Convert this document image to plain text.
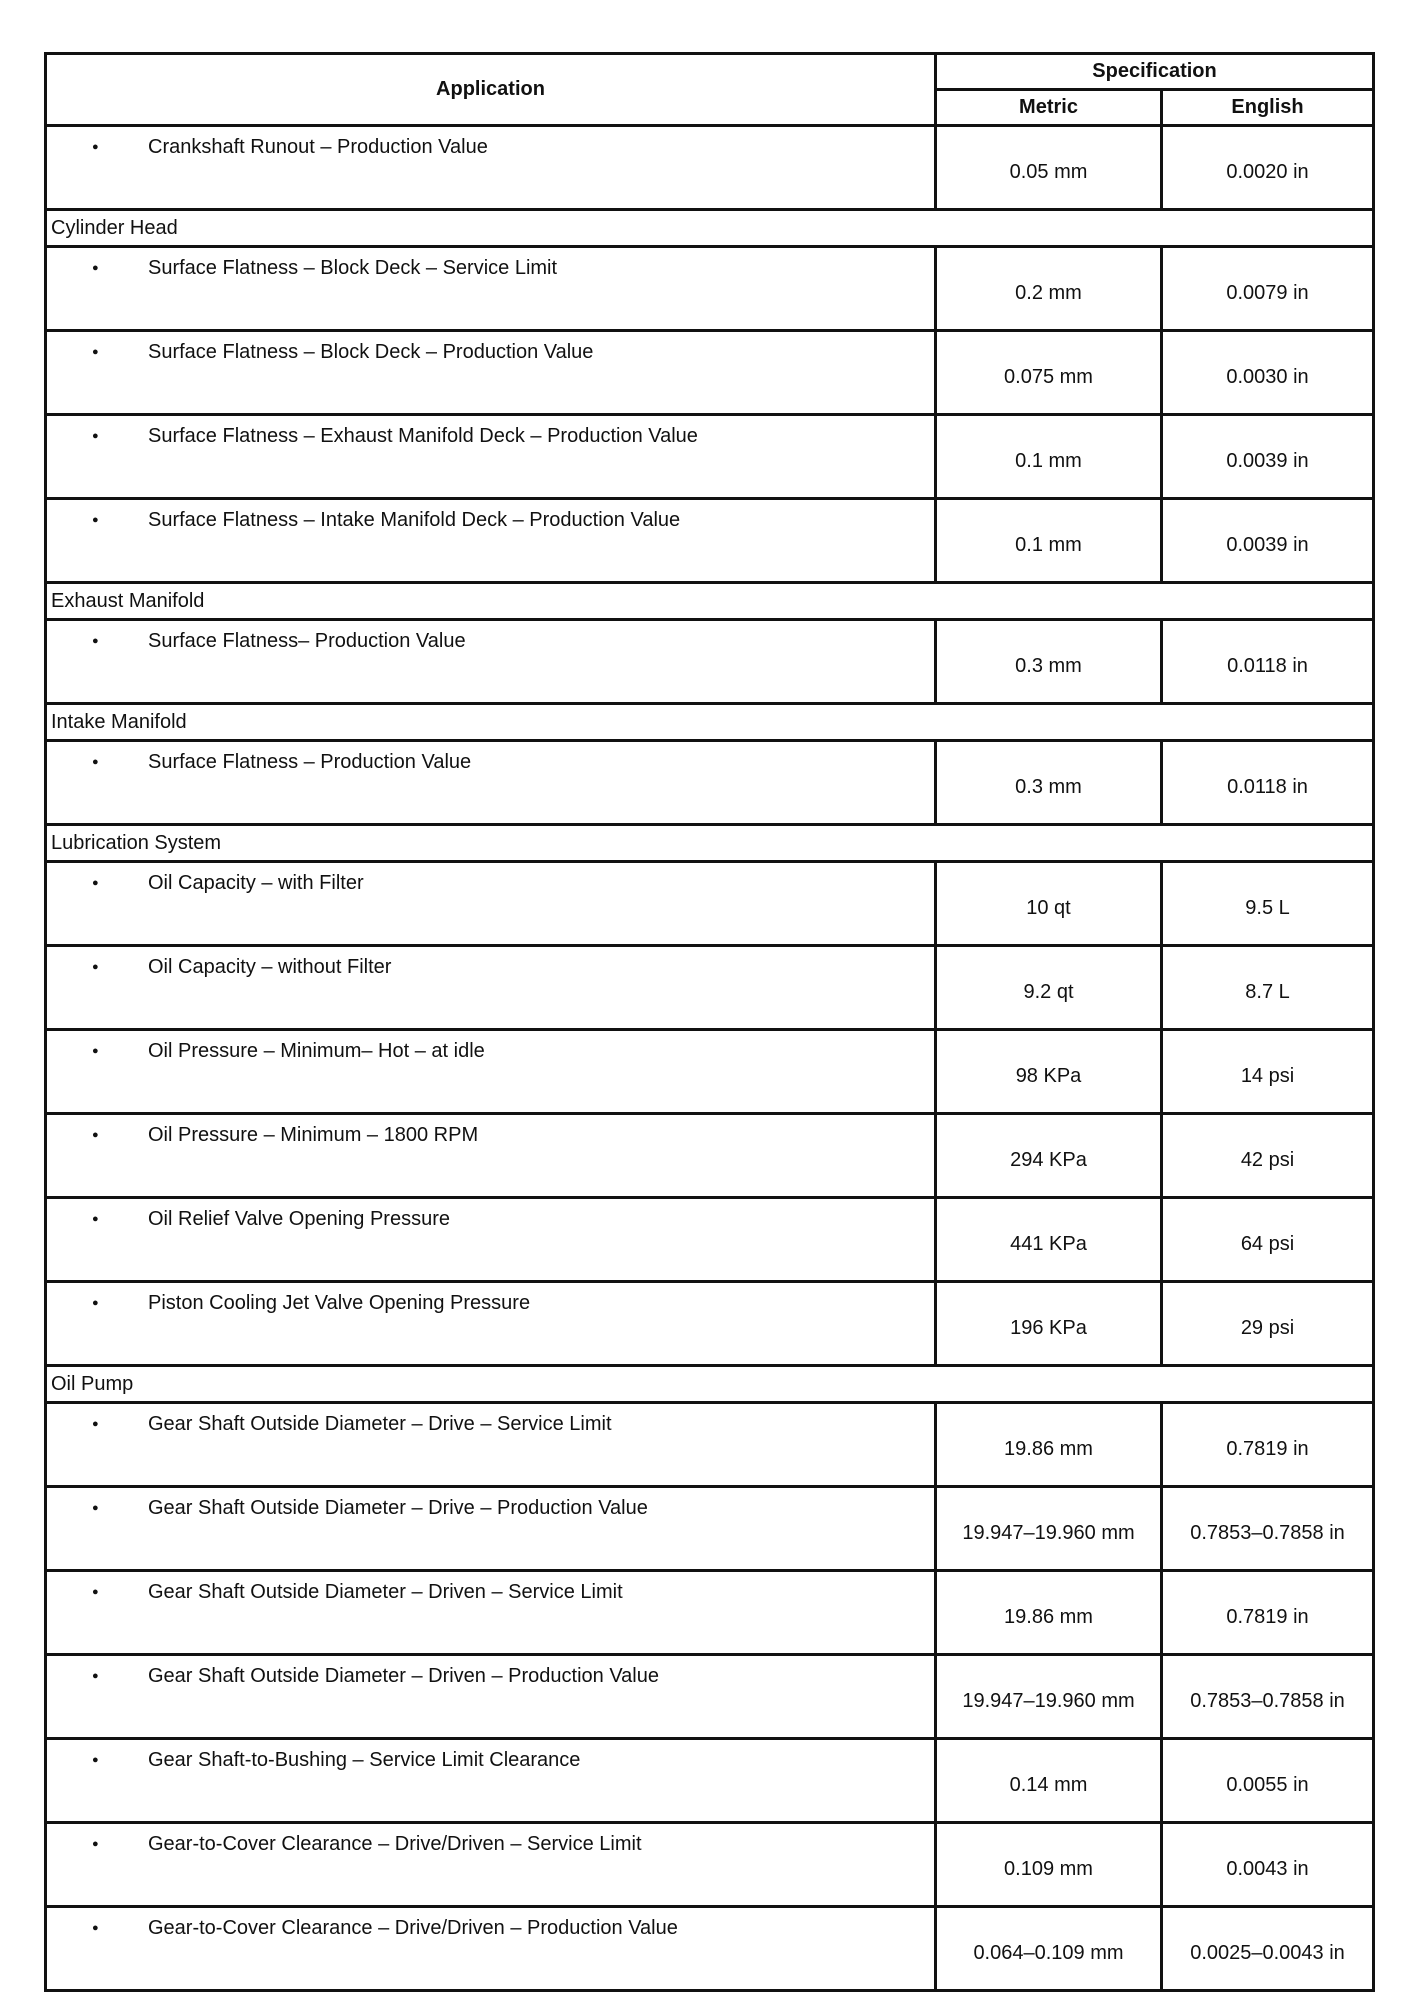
Application	Specification	
	Metric	English
●Crankshaft Runout – Production Value	0.05 mm	0.0020 in
Cylinder Head		
●Surface Flatness – Block Deck – Service Limit	0.2 mm	0.0079 in
●Surface Flatness – Block Deck – Production Value	0.075 mm	0.0030 in
●Surface Flatness – Exhaust Manifold Deck – Production Value	0.1 mm	0.0039 in
●Surface Flatness – Intake Manifold Deck – Production Value	0.1 mm	0.0039 in
Exhaust Manifold		
●Surface Flatness– Production Value	0.3 mm	0.0118 in
Intake Manifold		
●Surface Flatness – Production Value	0.3 mm	0.0118 in
Lubrication System		
●Oil Capacity – with Filter	10 qt	9.5 L
●Oil Capacity – without Filter	9.2 qt	8.7 L
●Oil Pressure – Minimum– Hot – at idle	98 KPa	14 psi
●Oil Pressure – Minimum – 1800 RPM	294 KPa	42 psi
●Oil Relief Valve Opening Pressure	441 KPa	64 psi
●Piston Cooling Jet Valve Opening Pressure	196 KPa	29 psi
Oil Pump		
●Gear Shaft Outside Diameter – Drive – Service Limit	19.86 mm	0.7819 in
●Gear Shaft Outside Diameter – Drive – Production Value	19.947–19.960 mm	0.7853–0.7858 in
●Gear Shaft Outside Diameter – Driven – Service Limit	19.86 mm	0.7819 in
●Gear Shaft Outside Diameter – Driven – Production Value	19.947–19.960 mm	0.7853–0.7858 in
●Gear Shaft-to-Bushing – Service Limit Clearance	0.14 mm	0.0055 in
●Gear-to-Cover Clearance – Drive/Driven – Service Limit	0.109 mm	0.0043 in
●Gear-to-Cover Clearance – Drive/Driven – Production Value	0.064–0.109 mm	0.0025–0.0043 in
